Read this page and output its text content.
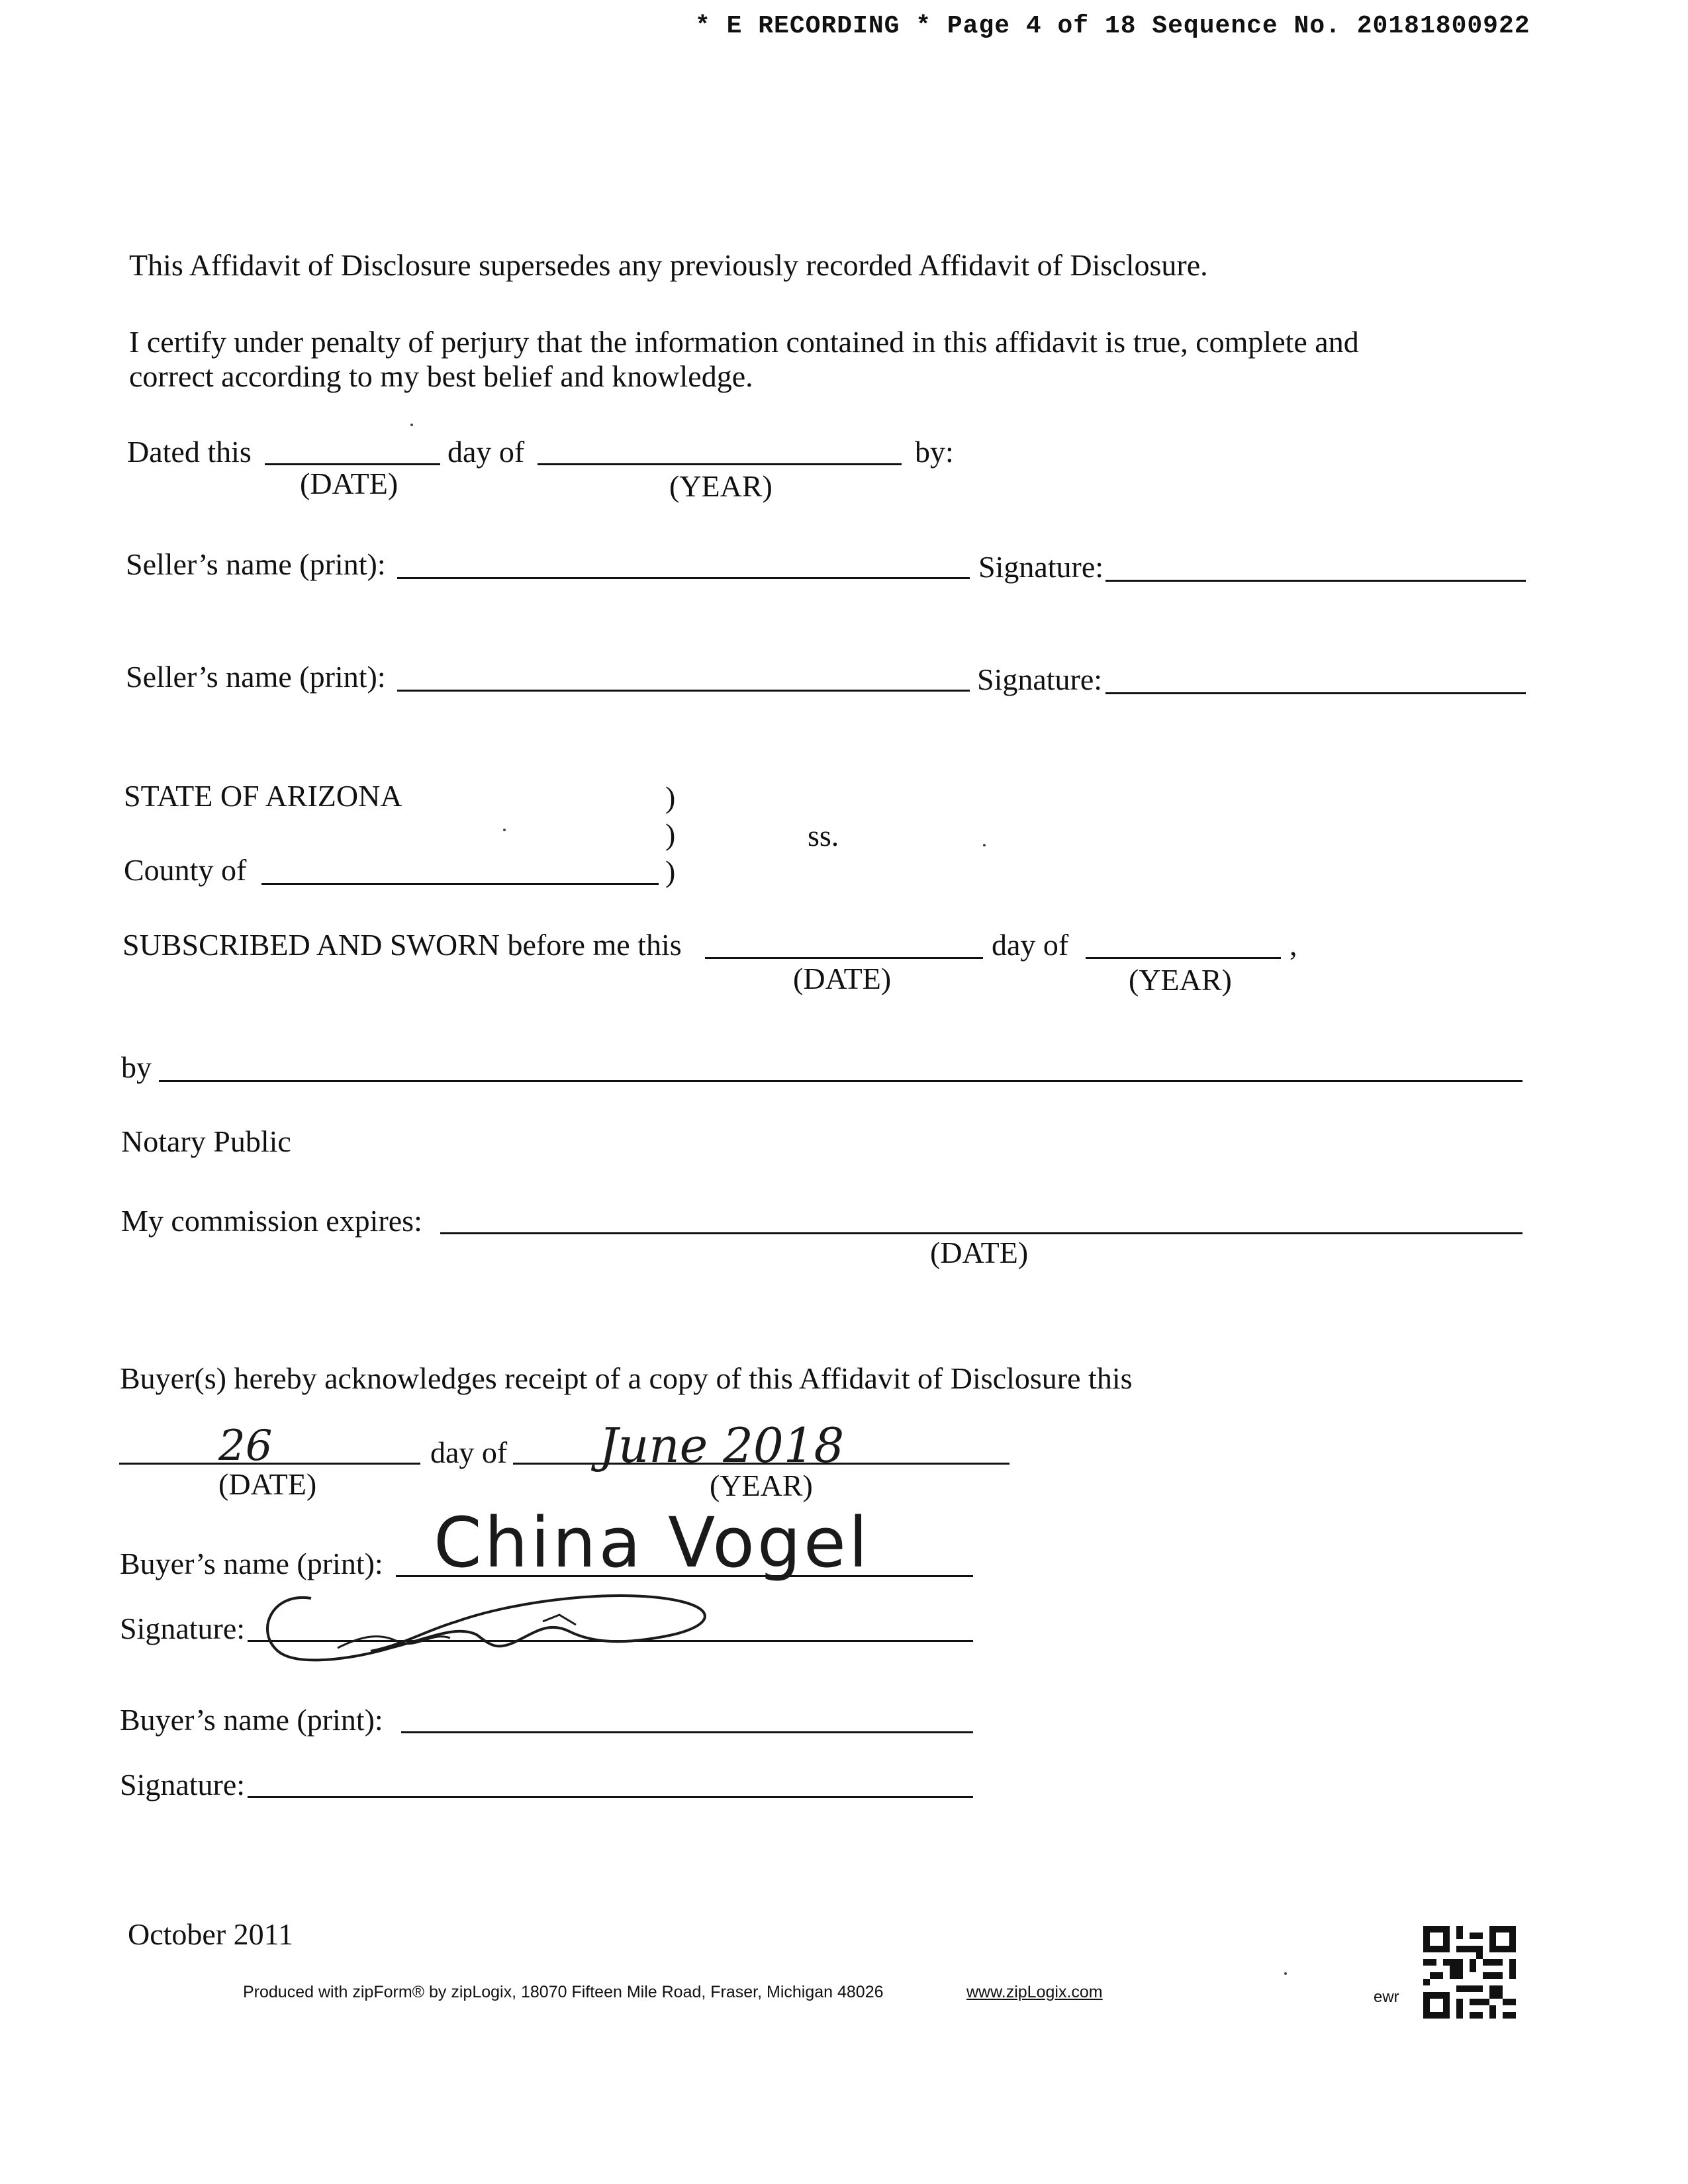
* E RECORDING * Page 4 of 18 Sequence No. 20181800922
This Affidavit of Disclosure supersedes any previously recorded Affidavit of Disclosure.
I certify under penalty of perjury that the information contained in this affidavit is true, complete and
correct according to my best belief and knowledge.
Dated this	day of	by:
(DATE)	(YEAR)
Seller’s name (print):	Signature:
Seller’s name (print):	Signature:
STATE OF ARIZONA	)
)	ss.
County of	)
SUBSCRIBED AND SWORN before me this	day of	,
(DATE)	(YEAR)
by
Notary Public
My commission expires:
(DATE)
Buyer(s) hereby acknowledges receipt of a copy of this Affidavit of Disclosure this
26	day of June 2018
(DATE)	(YEAR)
Buyer’s name (print): China Vogel
Signature:
Buyer’s name (print):
Signature:
October 2011
Produced with zipForm® by zipLogix, 18070 Fifteen Mile Road, Fraser, Michigan 48026	www.zipLogix.com	ewr
